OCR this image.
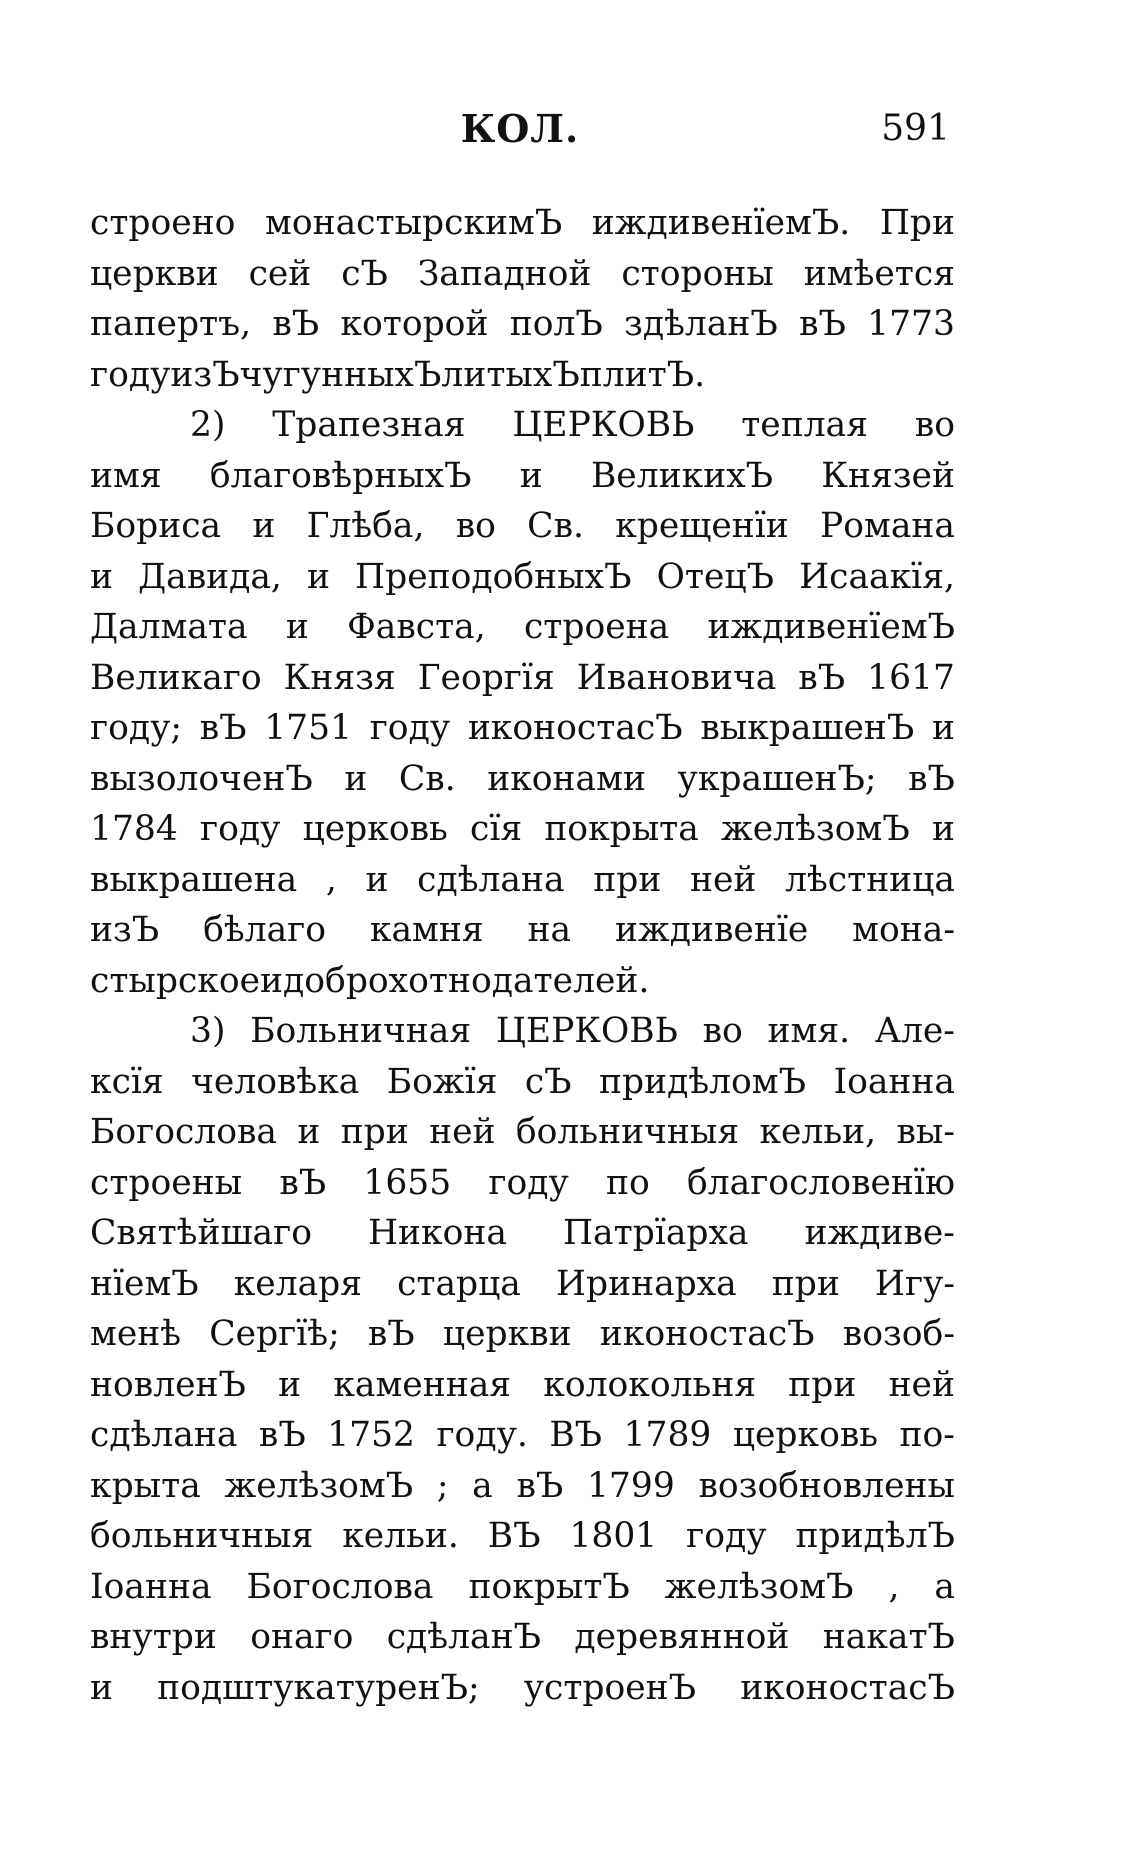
КОЛ.	591
строено монастырскимЪ иждивенїемЪ. При
церкви сей сЪ Западной стороны имѣется
папертъ, вЪ которой полЪ здѣланЪ вЪ 1773
году изЪ чугунныхЪ литыхЪ плитЪ.
2) Трапезная ЦЕРКОВЬ теплая во
имя благовѣрныхЪ и ВеликихЪ Князей
Бориса и Глѣба, во Св. крещенїи Романа
и Давида, и ПреподобныхЪ ОтецЪ Исаакїя,
Далмата и Фавста, строена иждивенїемЪ
Великаго Князя Георгїя Ивановича вЪ 1617
году; вЪ 1751 году иконостасЪ выкрашенЪ и
вызолоченЪ и Св. иконами украшенЪ; вЪ
1784 году церковь сїя покрыта желѣзомЪ и
выкрашена , и сдѣлана при ней лѣстница
изЪ бѣлаго камня на иждивенїе мона-
стырское и доброхотнодателей.
3) Больничная ЦЕРКОВЬ во имя. Але-
ксїя человѣка Божїя сЪ придѣломЪ Іоанна
Богослова и при ней больничныя кельи, вы-
строены вЪ 1655 году по благословенїю
Святѣйшаго Никона Патрїарха иждиве-
нїемЪ келаря старца Иринарха при Игу-
менѣ Сергїѣ; вЪ церкви иконостасЪ возоб-
новленЪ и каменная колокольня при ней
сдѣлана вЪ 1752 году. ВЪ 1789 церковь по-
крыта желѣзомЪ ; а вЪ 1799 возобновлены
больничныя кельи. ВЪ 1801 году придѣлЪ
Іоанна Богослова покрытЪ желѣзомЪ , а
внутри онаго сдѣланЪ деревянной накатЪ
и подштукатуренЪ; устроенЪ иконостасЪ
